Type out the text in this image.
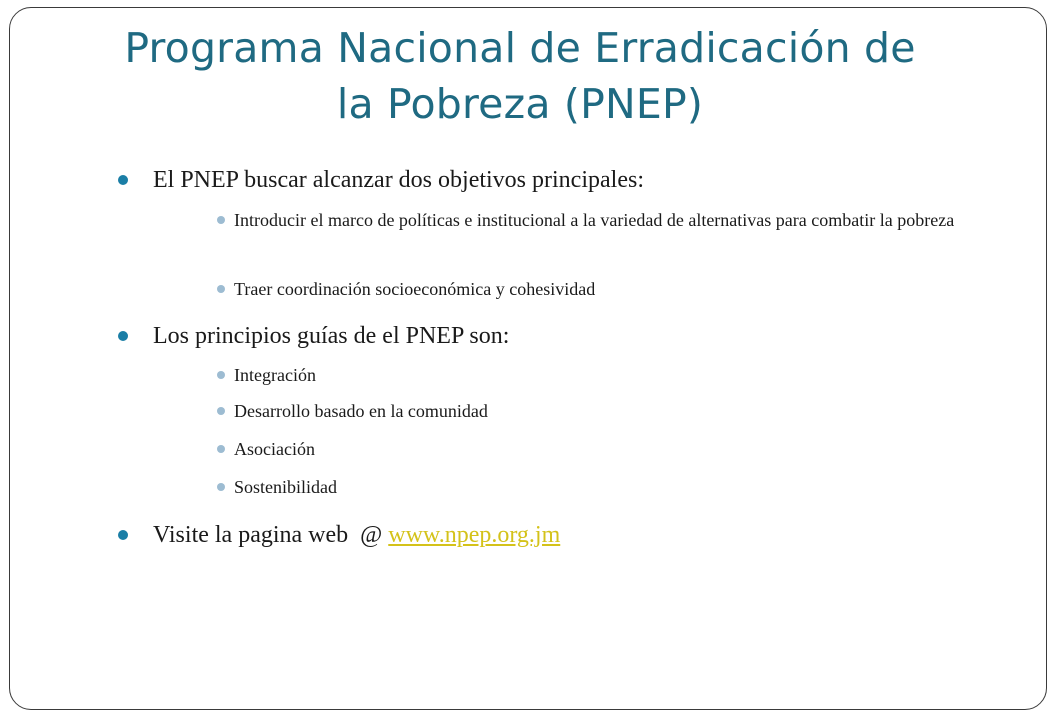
Programa Nacional de Erradicación de
la Pobreza (PNEP)
El PNEP buscar alcanzar dos objetivos principales:
Introducir el marco de políticas e institucional a la variedad de alternativas para combatir la pobreza
Traer coordinación socioeconómica y cohesividad
Los principios guías de el PNEP son:
Integración
Desarrollo basado en la comunidad
Asociación
Sostenibilidad
Visite la pagina web  @ www.npep.org.jm
